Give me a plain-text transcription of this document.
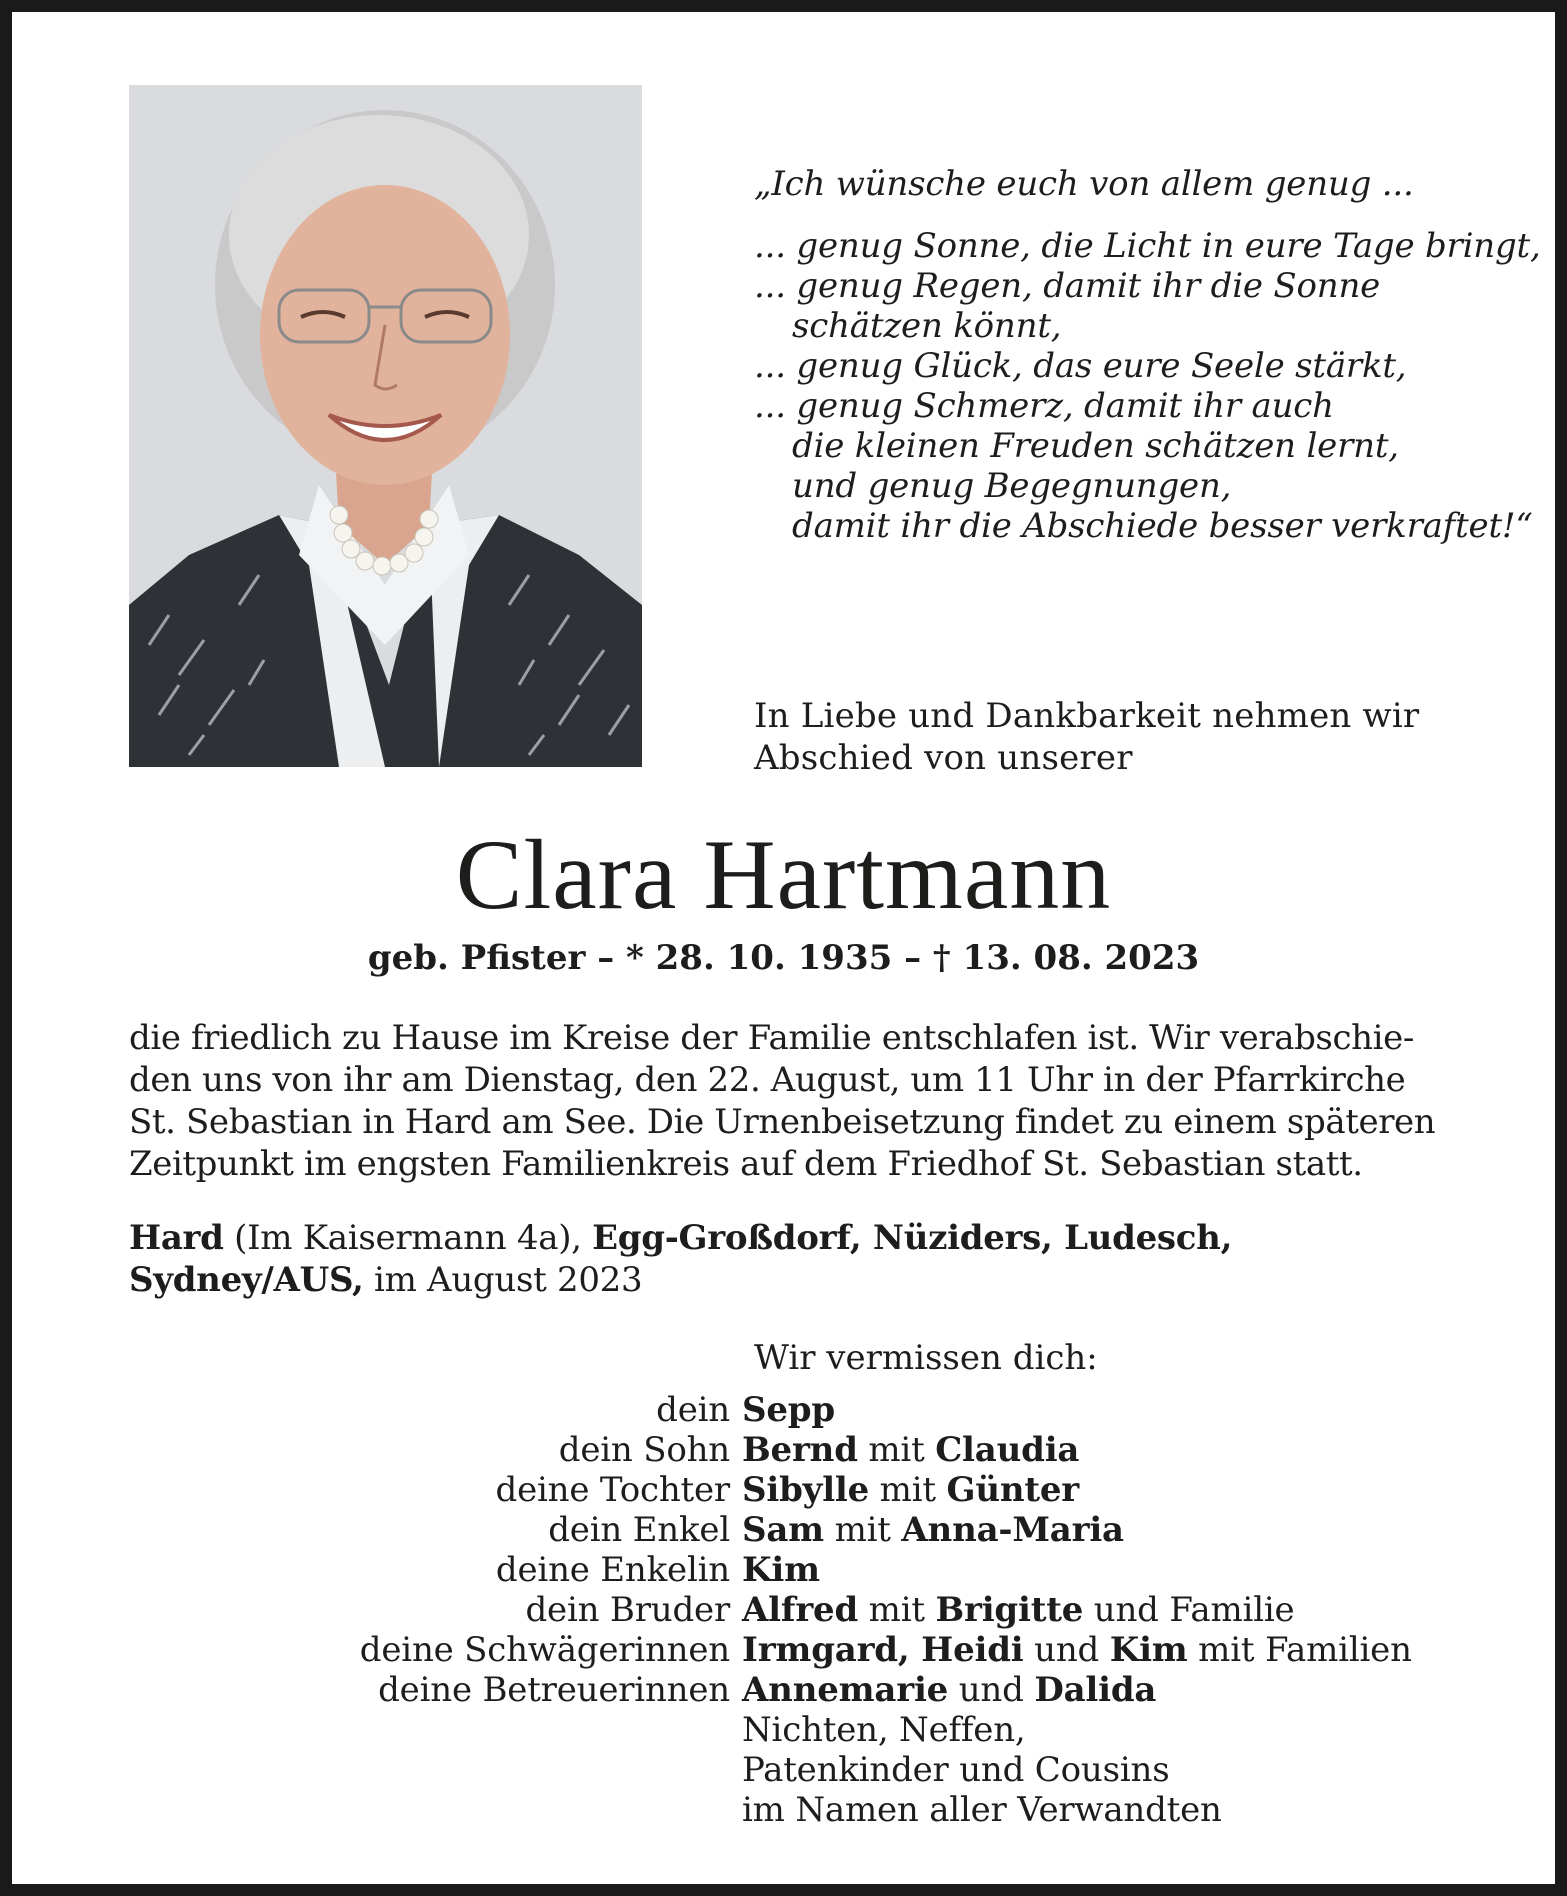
„Ich wünsche euch von allem genug ...
... genug Sonne, die Licht in eure Tage bringt,
... genug Regen, damit ihr die Sonne
schätzen könnt,
... genug Glück, das eure Seele stärkt,
... genug Schmerz, damit ihr auch
die kleinen Freuden schätzen lernt,
und genug Begegnungen,
damit ihr die Abschiede besser verkraftet!“
In Liebe und Dankbarkeit nehmen wir
Abschied von unserer
Clara Hartmann
geb. Pfister – * 28. 10. 1935 – † 13. 08. 2023
die friedlich zu Hause im Kreise der Familie entschlafen ist. Wir verabschie-
den uns von ihr am Dienstag, den 22. August, um 11 Uhr in der Pfarrkirche
St. Sebastian in Hard am See. Die Urnenbeisetzung findet zu einem späteren
Zeitpunkt im engsten Familienkreis auf dem Friedhof St. Sebastian statt.
Hard (Im Kaisermann 4a), Egg-Großdorf, Nüziders, Ludesch,
Sydney/AUS, im August 2023
Wir vermissen dich:
dein Sepp
dein Sohn Bernd mit Claudia
deine Tochter Sibylle mit Günter
dein Enkel Sam mit Anna-Maria
deine Enkelin Kim
dein Bruder Alfred mit Brigitte und Familie
deine Schwägerinnen Irmgard, Heidi und Kim mit Familien
deine Betreuerinnen Annemarie und Dalida
Nichten, Neffen,
Patenkinder und Cousins
im Namen aller Verwandten
